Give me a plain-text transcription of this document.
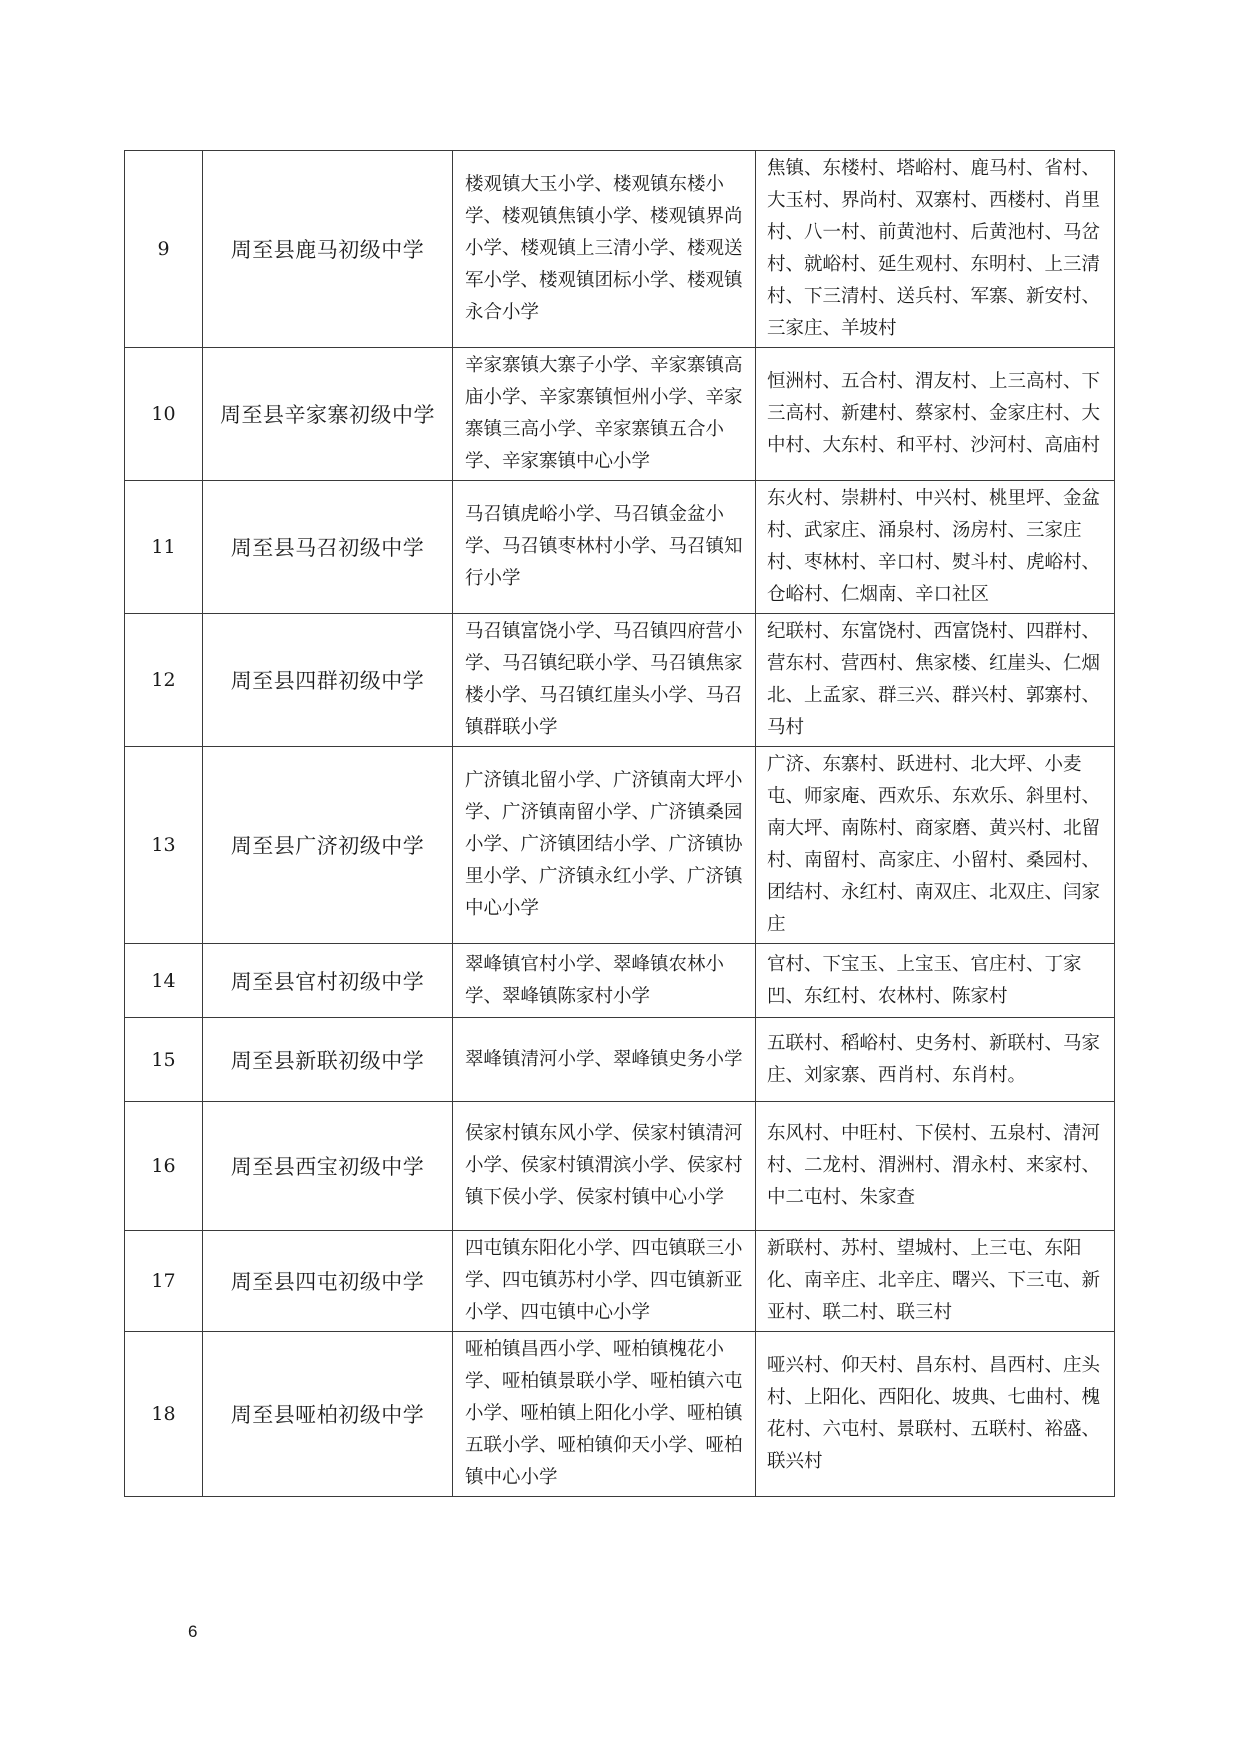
9	周至县鹿马初级中学	楼观镇大玉小学、楼观镇东楼小学、楼观镇焦镇小学、楼观镇界尚小学、楼观镇上三清小学、楼观送军小学、楼观镇团标小学、楼观镇永合小学	焦镇、东楼村、塔峪村、鹿马村、省村、大玉村、界尚村、双寨村、西楼村、肖里村、八一村、前黄池村、后黄池村、马岔村、就峪村、延生观村、东明村、上三清村、下三清村、送兵村、军寨、新安村、三家庄、羊坡村
10	周至县辛家寨初级中学	辛家寨镇大寨子小学、辛家寨镇高庙小学、辛家寨镇恒州小学、辛家寨镇三高小学、辛家寨镇五合小学、辛家寨镇中心小学	恒洲村、五合村、渭友村、上三高村、下三高村、新建村、蔡家村、金家庄村、大中村、大东村、和平村、沙河村、高庙村
11	周至县马召初级中学	马召镇虎峪小学、马召镇金盆小学、马召镇枣林村小学、马召镇知行小学	东火村、崇耕村、中兴村、桃里坪、金盆村、武家庄、涌泉村、汤房村、三家庄村、枣林村、辛口村、熨斗村、虎峪村、仓峪村、仁烟南、辛口社区
12	周至县四群初级中学	马召镇富饶小学、马召镇四府营小学、马召镇纪联小学、马召镇焦家楼小学、马召镇红崖头小学、马召镇群联小学	纪联村、东富饶村、西富饶村、四群村、营东村、营西村、焦家楼、红崖头、仁烟北、上孟家、群三兴、群兴村、郭寨村、马村
13	周至县广济初级中学	广济镇北留小学、广济镇南大坪小学、广济镇南留小学、广济镇桑园小学、广济镇团结小学、广济镇协里小学、广济镇永红小学、广济镇中心小学	广济、东寨村、跃进村、北大坪、小麦屯、师家庵、西欢乐、东欢乐、斜里村、南大坪、南陈村、商家磨、黄兴村、北留村、南留村、高家庄、小留村、桑园村、团结村、永红村、南双庄、北双庄、闫家庄
14	周至县官村初级中学	翠峰镇官村小学、翠峰镇农林小学、翠峰镇陈家村小学	官村、下宝玉、上宝玉、官庄村、丁家凹、东红村、农林村、陈家村
15	周至县新联初级中学	翠峰镇清河小学、翠峰镇史务小学	五联村、稻峪村、史务村、新联村、马家庄、刘家寨、西肖村、东肖村。
16	周至县西宝初级中学	侯家村镇东风小学、侯家村镇清河小学、侯家村镇渭滨小学、侯家村镇下侯小学、侯家村镇中心小学	东风村、中旺村、下侯村、五泉村、清河村、二龙村、渭洲村、渭永村、来家村、中二屯村、朱家查
17	周至县四屯初级中学	四屯镇东阳化小学、四屯镇联三小学、四屯镇苏村小学、四屯镇新亚小学、四屯镇中心小学	新联村、苏村、望城村、上三屯、东阳化、南辛庄、北辛庄、曙兴、下三屯、新亚村、联二村、联三村
18	周至县哑柏初级中学	哑柏镇昌西小学、哑柏镇槐花小学、哑柏镇景联小学、哑柏镇六屯小学、哑柏镇上阳化小学、哑柏镇五联小学、哑柏镇仰天小学、哑柏镇中心小学	哑兴村、仰天村、昌东村、昌西村、庄头村、上阳化、西阳化、坡典、七曲村、槐花村、六屯村、景联村、五联村、裕盛、联兴村
6
